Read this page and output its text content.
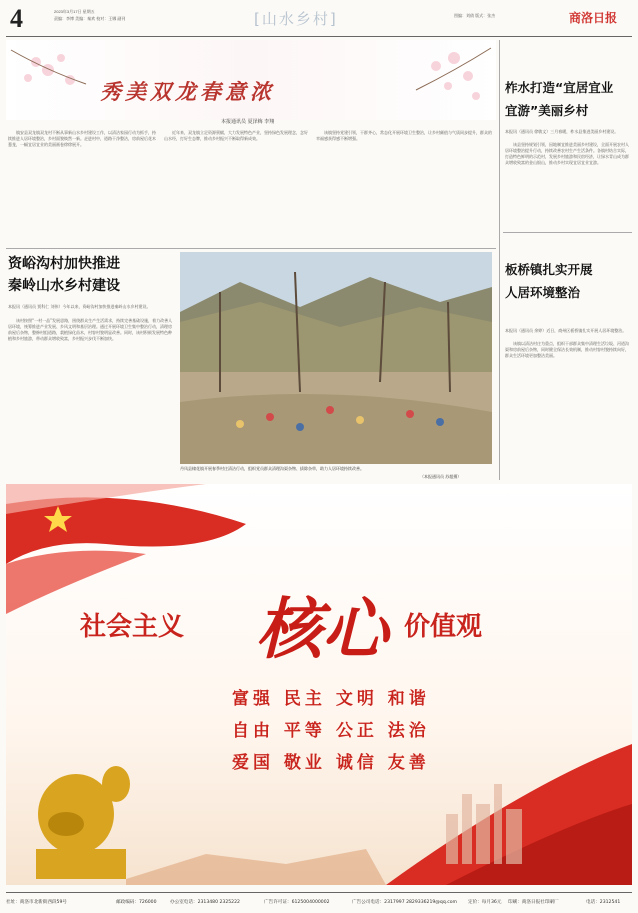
4	2023年3月17日 星期五
责编：李博 美编：秦欢 校对：王娜 副刊	[山水乡村]	图编：刘倩 版式：张杰	商洛日报
秀美双龙春意浓
本报通讯员 夏泽梅 李翔
镇安县双龙镇双龙村不断从事新山水乡村建设工作，以清洁家园行动为抓手，持续推进人居环境整治，乡村面貌焕然一新。走进村中，道路干净整洁，房前屋后花木葱茏，一幅宜居宜业的美丽画卷徐徐展开。
近年来，双龙镇立足资源禀赋，大力发展特色产业，坚持绿色发展理念，念好山水经，打好生态牌，推动乡村振兴不断取得新成效。
该镇坚持党建引领，干群齐心，常态化开展环境卫生整治，让乡村颜值与气质同步提升，群众的幸福感获得感不断增强。
资峪沟村加快推进
秦岭山水乡村建设
本报讯（通讯员 贾科仁 刘伟）今年以来，资峪沟村加快推进秦岭山水乡村建设。
该村按照“一村一品”发展思路，围绕群众生产生活需求，持续完善基础设施，着力改善人居环境，统筹推进产业发展、乡风文明和基层治理。通过开展环境卫生集中整治行动，清理房前屋后杂物，整修村组道路，栽植绿化苗木，村容村貌明显改善。同时，该村积极发展特色种植和乡村旅游，带动群众增收致富，乡村振兴步伐不断加快。
丹凤县棣花镇开展春季村庄清洁行动，组织党员群众清理沟渠杂物、拔除杂草，助力人居环境持续改善。
（本报通讯员 苏超摄）
柞水打造“宜居宜业
宜游”美丽乡村
本报讯（通讯员 徐敏文）三月春暖，柞水县推进美丽乡村建设。
该县坚持规划引领，因地制宜推进美丽乡村建设，全面开展农村人居环境整治提升行动，持续改善农村生产生活条件。各镇村结合实际，打造特色鲜明的示范村，发展乡村旅游和民宿经济，让绿水青山成为群众增收致富的金山银山，推动乡村实现宜居宜业宜游。
板桥镇扎实开展
人居环境整治
本报讯（通讯员 余婷）近日，商州区板桥镇扎实开展人居环境整治。
该镇以清洁村庄为重点，组织干部群众集中清理生活垃圾、河道沟渠和房前屋后杂物，同时健全保洁长效机制，推动村容村貌持续向好，群众生活环境更加整洁美丽。
社会主义 核心 价值观
富强 民主 文明 和谐
自由 平等 公正 法治
爱国 敬业 诚信 友善
社址：商洛市北新街西段59号	邮政编码：726000	办公室电话：2313480 2325222	广告许可证：6125004000002	广告公司电话：2317997 2829336219@qq.com 定价：每月36元 印刷：商洛日报社印刷厂	电话：2312541
